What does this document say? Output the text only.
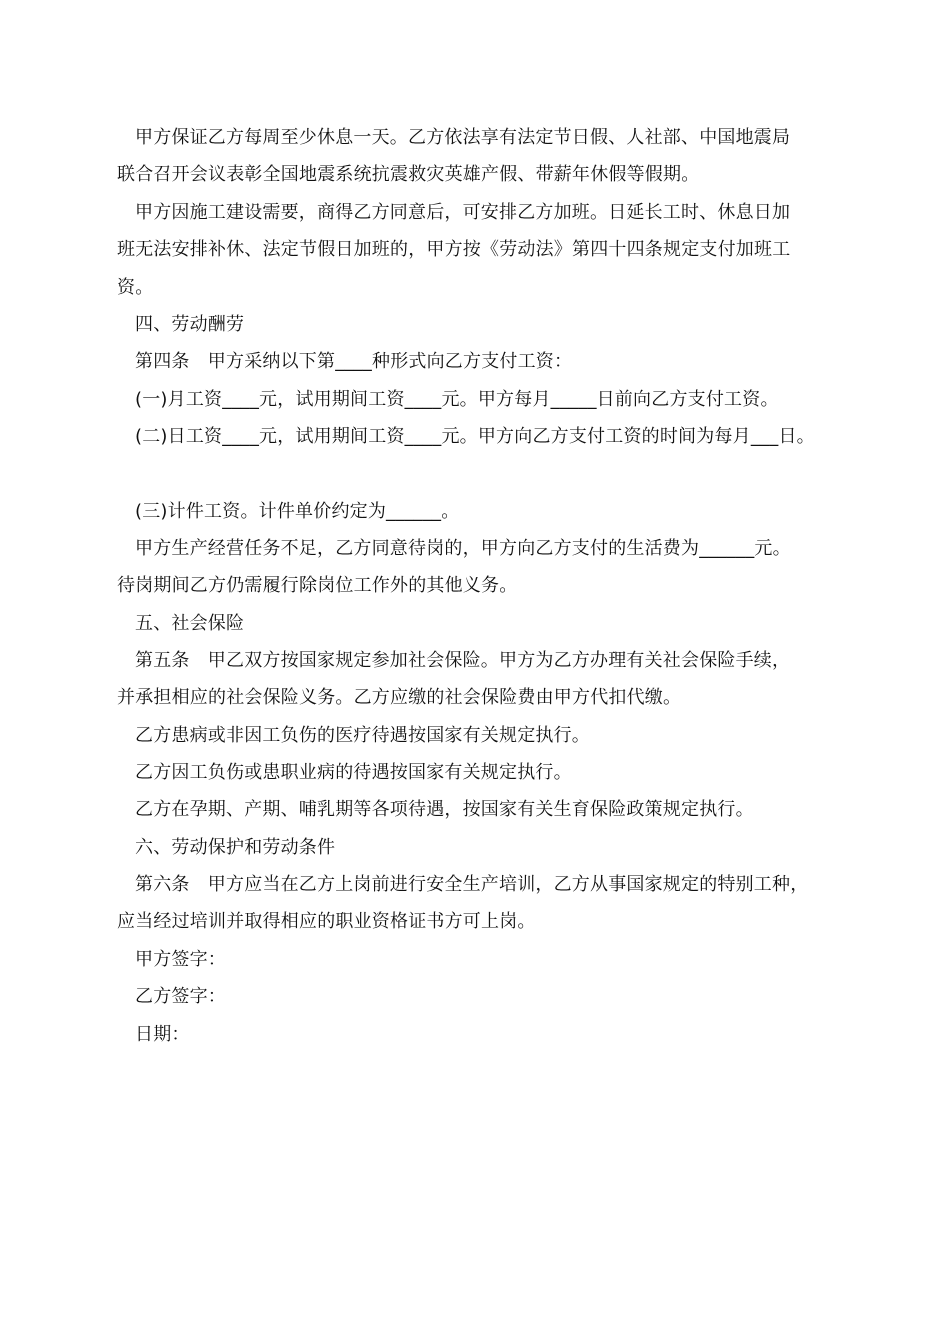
甲方保证乙方每周至少休息一天。乙方依法享有法定节日假、人社部、中国地震局
联合召开会议表彰全国地震系统抗震救灾英雄产假、带薪年休假等假期。
甲方因施工建设需要，商得乙方同意后，可安排乙方加班。日延长工时、休息日加
班无法安排补休、法定节假日加班的，甲方按《劳动法》第四十四条规定支付加班工
资。
四、劳动酬劳
第四条　甲方采纳以下第____种形式向乙方支付工资：
(一)月工资____元，试用期间工资____元。甲方每月_____日前向乙方支付工资。
(二)日工资____元，试用期间工资____元。甲方向乙方支付工资的时间为每月___日。
(三)计件工资。计件单价约定为______。
甲方生产经营任务不足，乙方同意待岗的，甲方向乙方支付的生活费为______元。
待岗期间乙方仍需履行除岗位工作外的其他义务。
五、社会保险
第五条　甲乙双方按国家规定参加社会保险。甲方为乙方办理有关社会保险手续，
并承担相应的社会保险义务。乙方应缴的社会保险费由甲方代扣代缴。
乙方患病或非因工负伤的医疗待遇按国家有关规定执行。
乙方因工负伤或患职业病的待遇按国家有关规定执行。
乙方在孕期、产期、哺乳期等各项待遇，按国家有关生育保险政策规定执行。
六、劳动保护和劳动条件
第六条　甲方应当在乙方上岗前进行安全生产培训，乙方从事国家规定的特别工种，
应当经过培训并取得相应的职业资格证书方可上岗。
甲方签字：
乙方签字：
日期：
